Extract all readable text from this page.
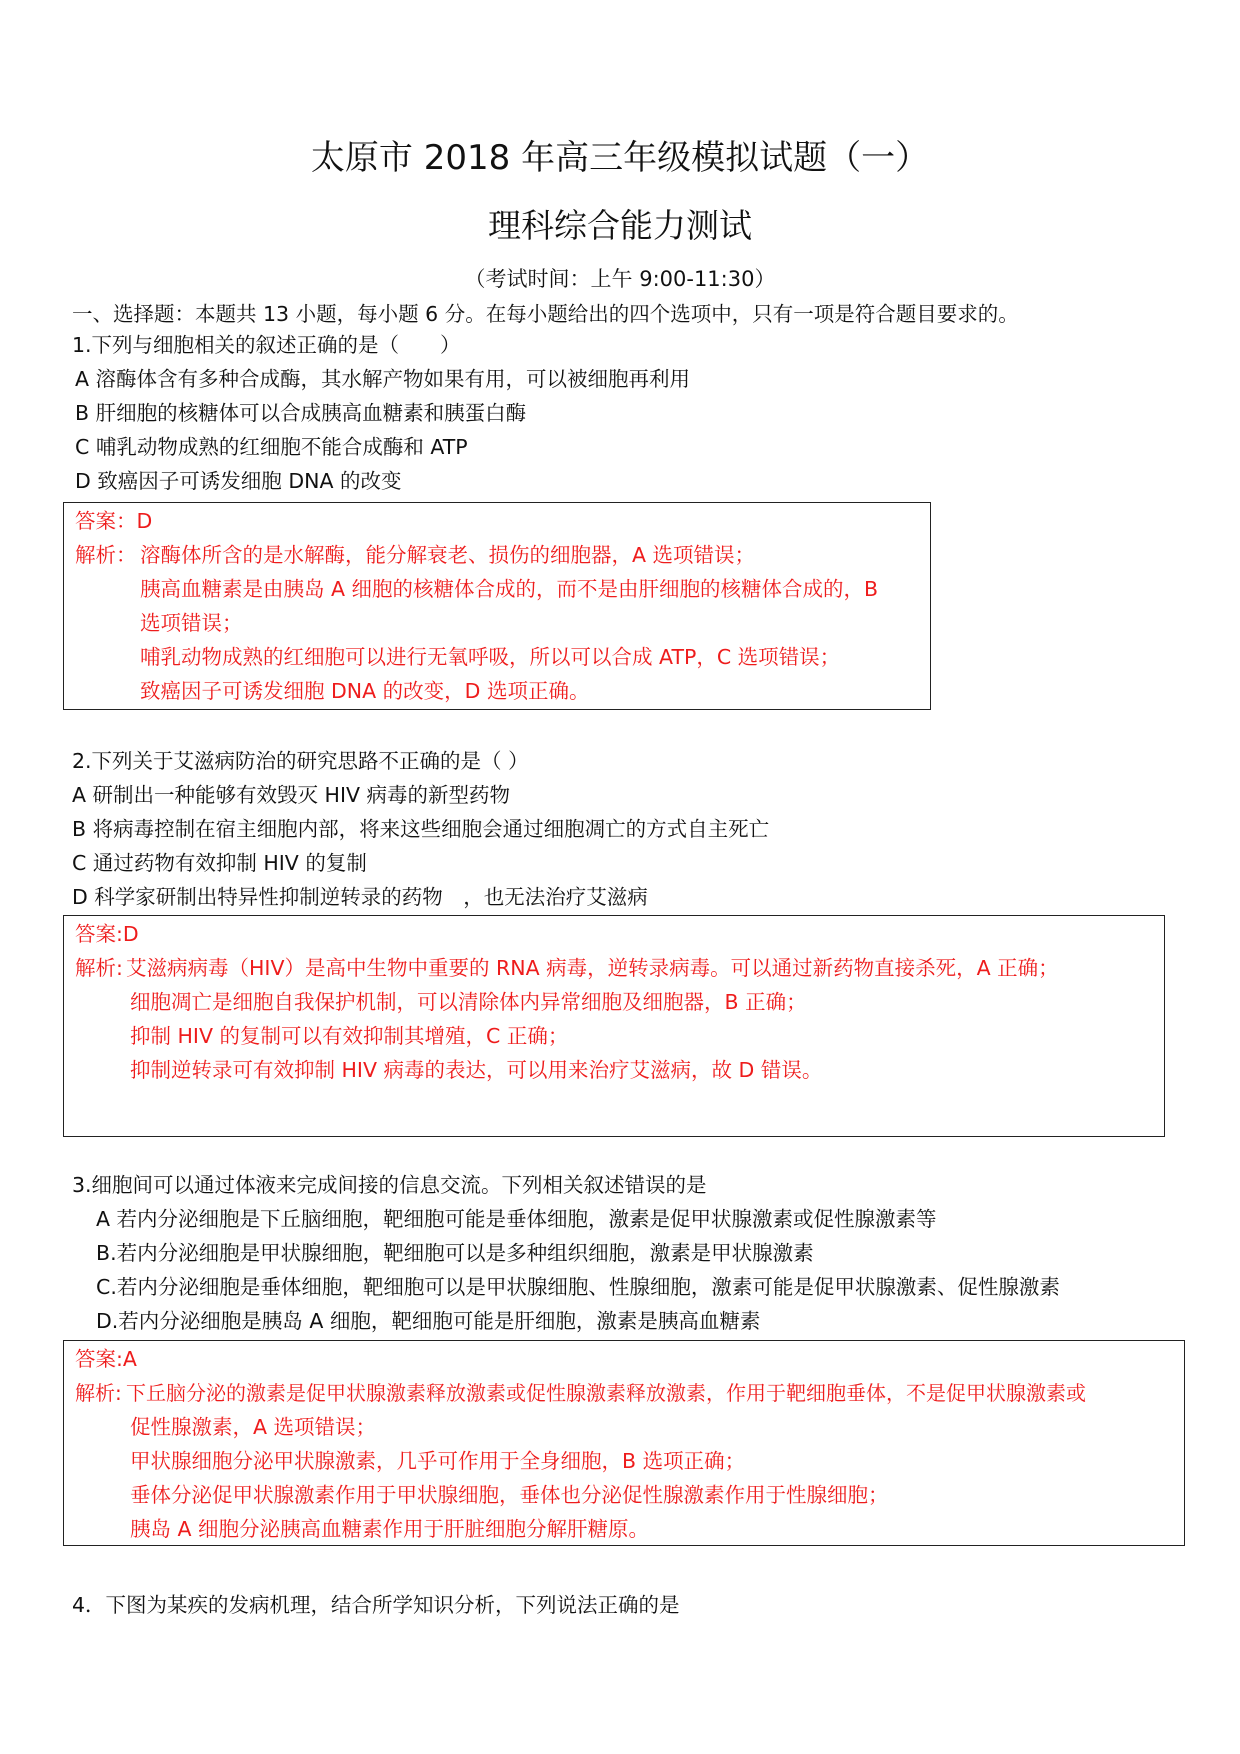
太原市 2018 年高三年级模拟试题（一）
理科综合能力测试
（考试时间：上午 9:00-11:30）
一、选择题：本题共 13 小题，每小题 6 分。在每小题给出的四个选项中，只有一项是符合题目要求的。
1.下列与细胞相关的叙述正确的是（　　）
A 溶酶体含有多种合成酶，其水解产物如果有用，可以被细胞再利用
B 肝细胞的核糖体可以合成胰高血糖素和胰蛋白酶
C 哺乳动物成熟的红细胞不能合成酶和 ATP
D 致癌因子可诱发细胞 DNA 的改变
答案：D
解析： 溶酶体所含的是水解酶，能分解衰老、损伤的细胞器，A 选项错误；
胰高血糖素是由胰岛 A 细胞的核糖体合成的，而不是由肝细胞的核糖体合成的，B
选项错误；
哺乳动物成熟的红细胞可以进行无氧呼吸，所以可以合成 ATP，C 选项错误；
致癌因子可诱发细胞 DNA 的改变，D 选项正确。
2.下列关于艾滋病防治的研究思路不正确的是（ ）
A 研制出一种能够有效毁灭 HIV 病毒的新型药物
B 将病毒控制在宿主细胞内部，将来这些细胞会通过细胞凋亡的方式自主死亡
C 通过药物有效抑制 HIV 的复制
D 科学家研制出特异性抑制逆转录的药物　，也无法治疗艾滋病
答案:D
解析: 艾滋病病毒（HIV）是高中生物中重要的 RNA 病毒，逆转录病毒。可以通过新药物直接杀死，A 正确；
细胞凋亡是细胞自我保护机制，可以清除体内异常细胞及细胞器，B 正确；
抑制 HIV 的复制可以有效抑制其增殖，C 正确；
抑制逆转录可有效抑制 HIV 病毒的表达，可以用来治疗艾滋病，故 D 错误。
3.细胞间可以通过体液来完成间接的信息交流。下列相关叙述错误的是
A 若内分泌细胞是下丘脑细胞，靶细胞可能是垂体细胞，激素是促甲状腺激素或促性腺激素等
B.若内分泌细胞是甲状腺细胞，靶细胞可以是多种组织细胞，激素是甲状腺激素
C.若内分泌细胞是垂体细胞，靶细胞可以是甲状腺细胞、性腺细胞，激素可能是促甲状腺激素、促性腺激素
D.若内分泌细胞是胰岛 A 细胞，靶细胞可能是肝细胞，激素是胰高血糖素
答案:A
解析: 下丘脑分泌的激素是促甲状腺激素释放激素或促性腺激素释放激素，作用于靶细胞垂体，不是促甲状腺激素或
促性腺激素，A 选项错误；
甲状腺细胞分泌甲状腺激素，几乎可作用于全身细胞，B 选项正确；
垂体分泌促甲状腺激素作用于甲状腺细胞，垂体也分泌促性腺激素作用于性腺细胞；
胰岛 A 细胞分泌胰高血糖素作用于肝脏细胞分解肝糖原。
4．下图为某疾的发病机理，结合所学知识分析，下列说法正确的是
